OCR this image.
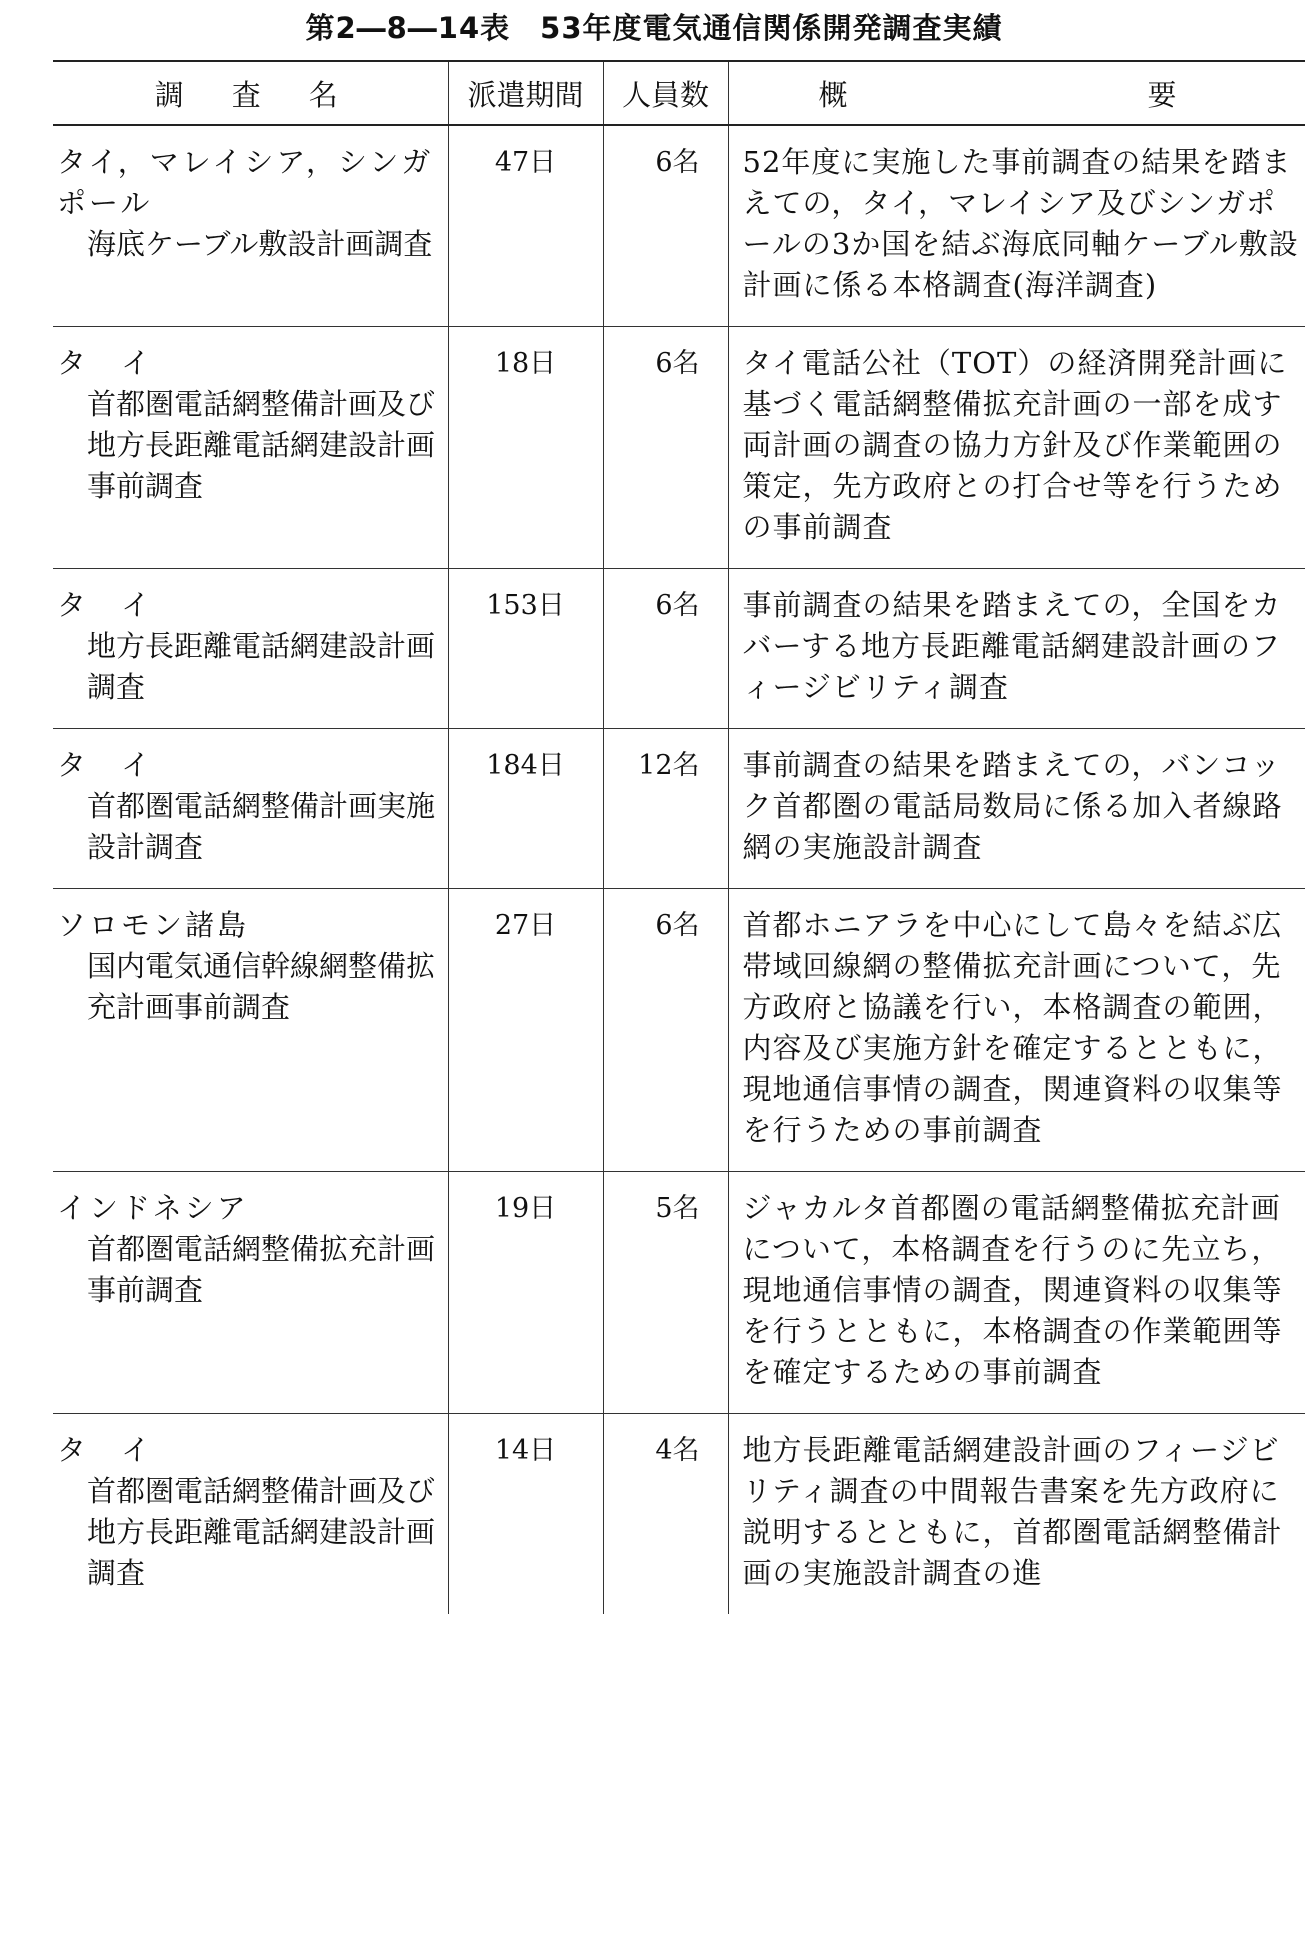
第2―8―14表　53年度電気通信関係開発調査実績
調査名	派遣期間	人員数	概 要

タイ，マレイシア，シンガポール
海底ケーブル敷設計画調査	47日	6名	52年度に実施した事前調査の結果を踏まえての，タイ，マレイシア及びシンガポールの3か国を結ぶ海底同軸ケーブル敷設計画に係る本格調査(海洋調査)

タ　イ
首都圏電話網整備計画及び地方長距離電話網建設計画事前調査	18日	6名	タイ電話公社（TOT）の経済開発計画に基づく電話網整備拡充計画の一部を成す両計画の調査の協力方針及び作業範囲の策定，先方政府との打合せ等を行うための事前調査

タ　イ
地方長距離電話網建設計画調査	153日	6名	事前調査の結果を踏まえての，全国をカバーする地方長距離電話網建設計画のフィージビリティ調査

タ　イ
首都圏電話網整備計画実施設計調査	184日	12名	事前調査の結果を踏まえての，バンコック首都圏の電話局数局に係る加入者線路網の実施設計調査

ソロモン諸島
国内電気通信幹線網整備拡充計画事前調査	27日	6名	首都ホニアラを中心にして島々を結ぶ広帯域回線網の整備拡充計画について，先方政府と協議を行い，本格調査の範囲，内容及び実施方針を確定するとともに，現地通信事情の調査，関連資料の収集等を行うための事前調査

インドネシア
首都圏電話網整備拡充計画事前調査	19日	5名	ジャカルタ首都圏の電話網整備拡充計画について，本格調査を行うのに先立ち，現地通信事情の調査，関連資料の収集等を行うとともに，本格調査の作業範囲等を確定するための事前調査

タ　イ
首都圏電話網整備計画及び地方長距離電話網建設計画調査	14日	4名	地方長距離電話網建設計画のフィージビリティ調査の中間報告書案を先方政府に説明するとともに，首都圏電話網整備計画の実施設計調査の進
